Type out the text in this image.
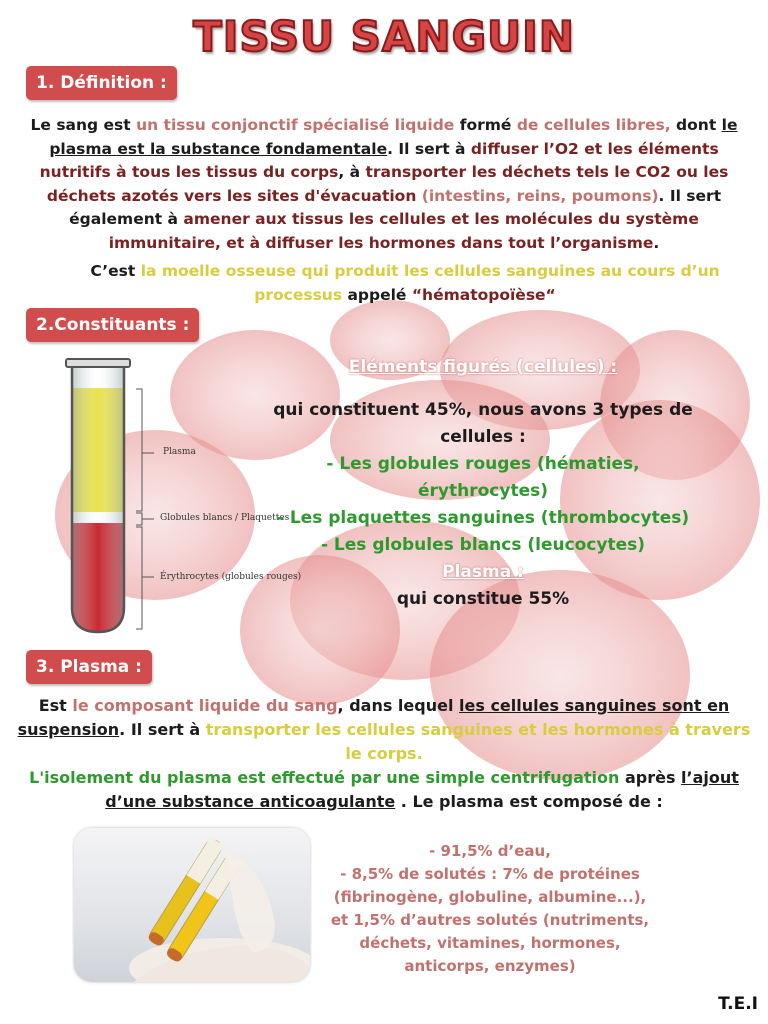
TISSU SANGUIN
1. Définition :
Le sang est un tissu conjonctif spécialisé liquide formé de cellules libres, dont le plasma est la substance fondamentale. Il sert à diffuser l’O2 et les éléments nutritifs à tous les tissus du corps, à transporter les déchets tels le CO2 ou les déchets azotés vers les sites d'évacuation (intestins, reins, poumons). Il sert également à amener aux tissus les cellules et les molécules du système immunitaire, et à diffuser les hormones dans tout l’organisme.
C’est la moelle osseuse qui produit les cellules sanguines au cours d’un processus appelé “hématopoïèse“
2.Constituants :
Plasma
Globules blancs / Plaquettes
Érythrocytes (globules rouges)
Eléments figurés (cellules) :
qui constituent 45%, nous avons 3 types de cellules :
- Les globules rouges (hématies, érythrocytes)
- Les plaquettes sanguines (thrombocytes)
- Les globules blancs (leucocytes)
Plasma :
qui constitue 55%
3. Plasma :
Est le composant liquide du sang, dans lequel les cellules sanguines sont en suspension. Il sert à transporter les cellules sanguines et les hormones à travers le corps.
L'isolement du plasma est effectué par une simple centrifugation après l’ajout d’une substance anticoagulante . Le plasma est composé de :
- 91,5% d’eau,
- 8,5% de solutés : 7% de protéines
(fibrinogène, globuline, albumine...),
et 1,5% d’autres solutés (nutriments,
déchets, vitamines, hormones,
anticorps, enzymes)
T.E.I
